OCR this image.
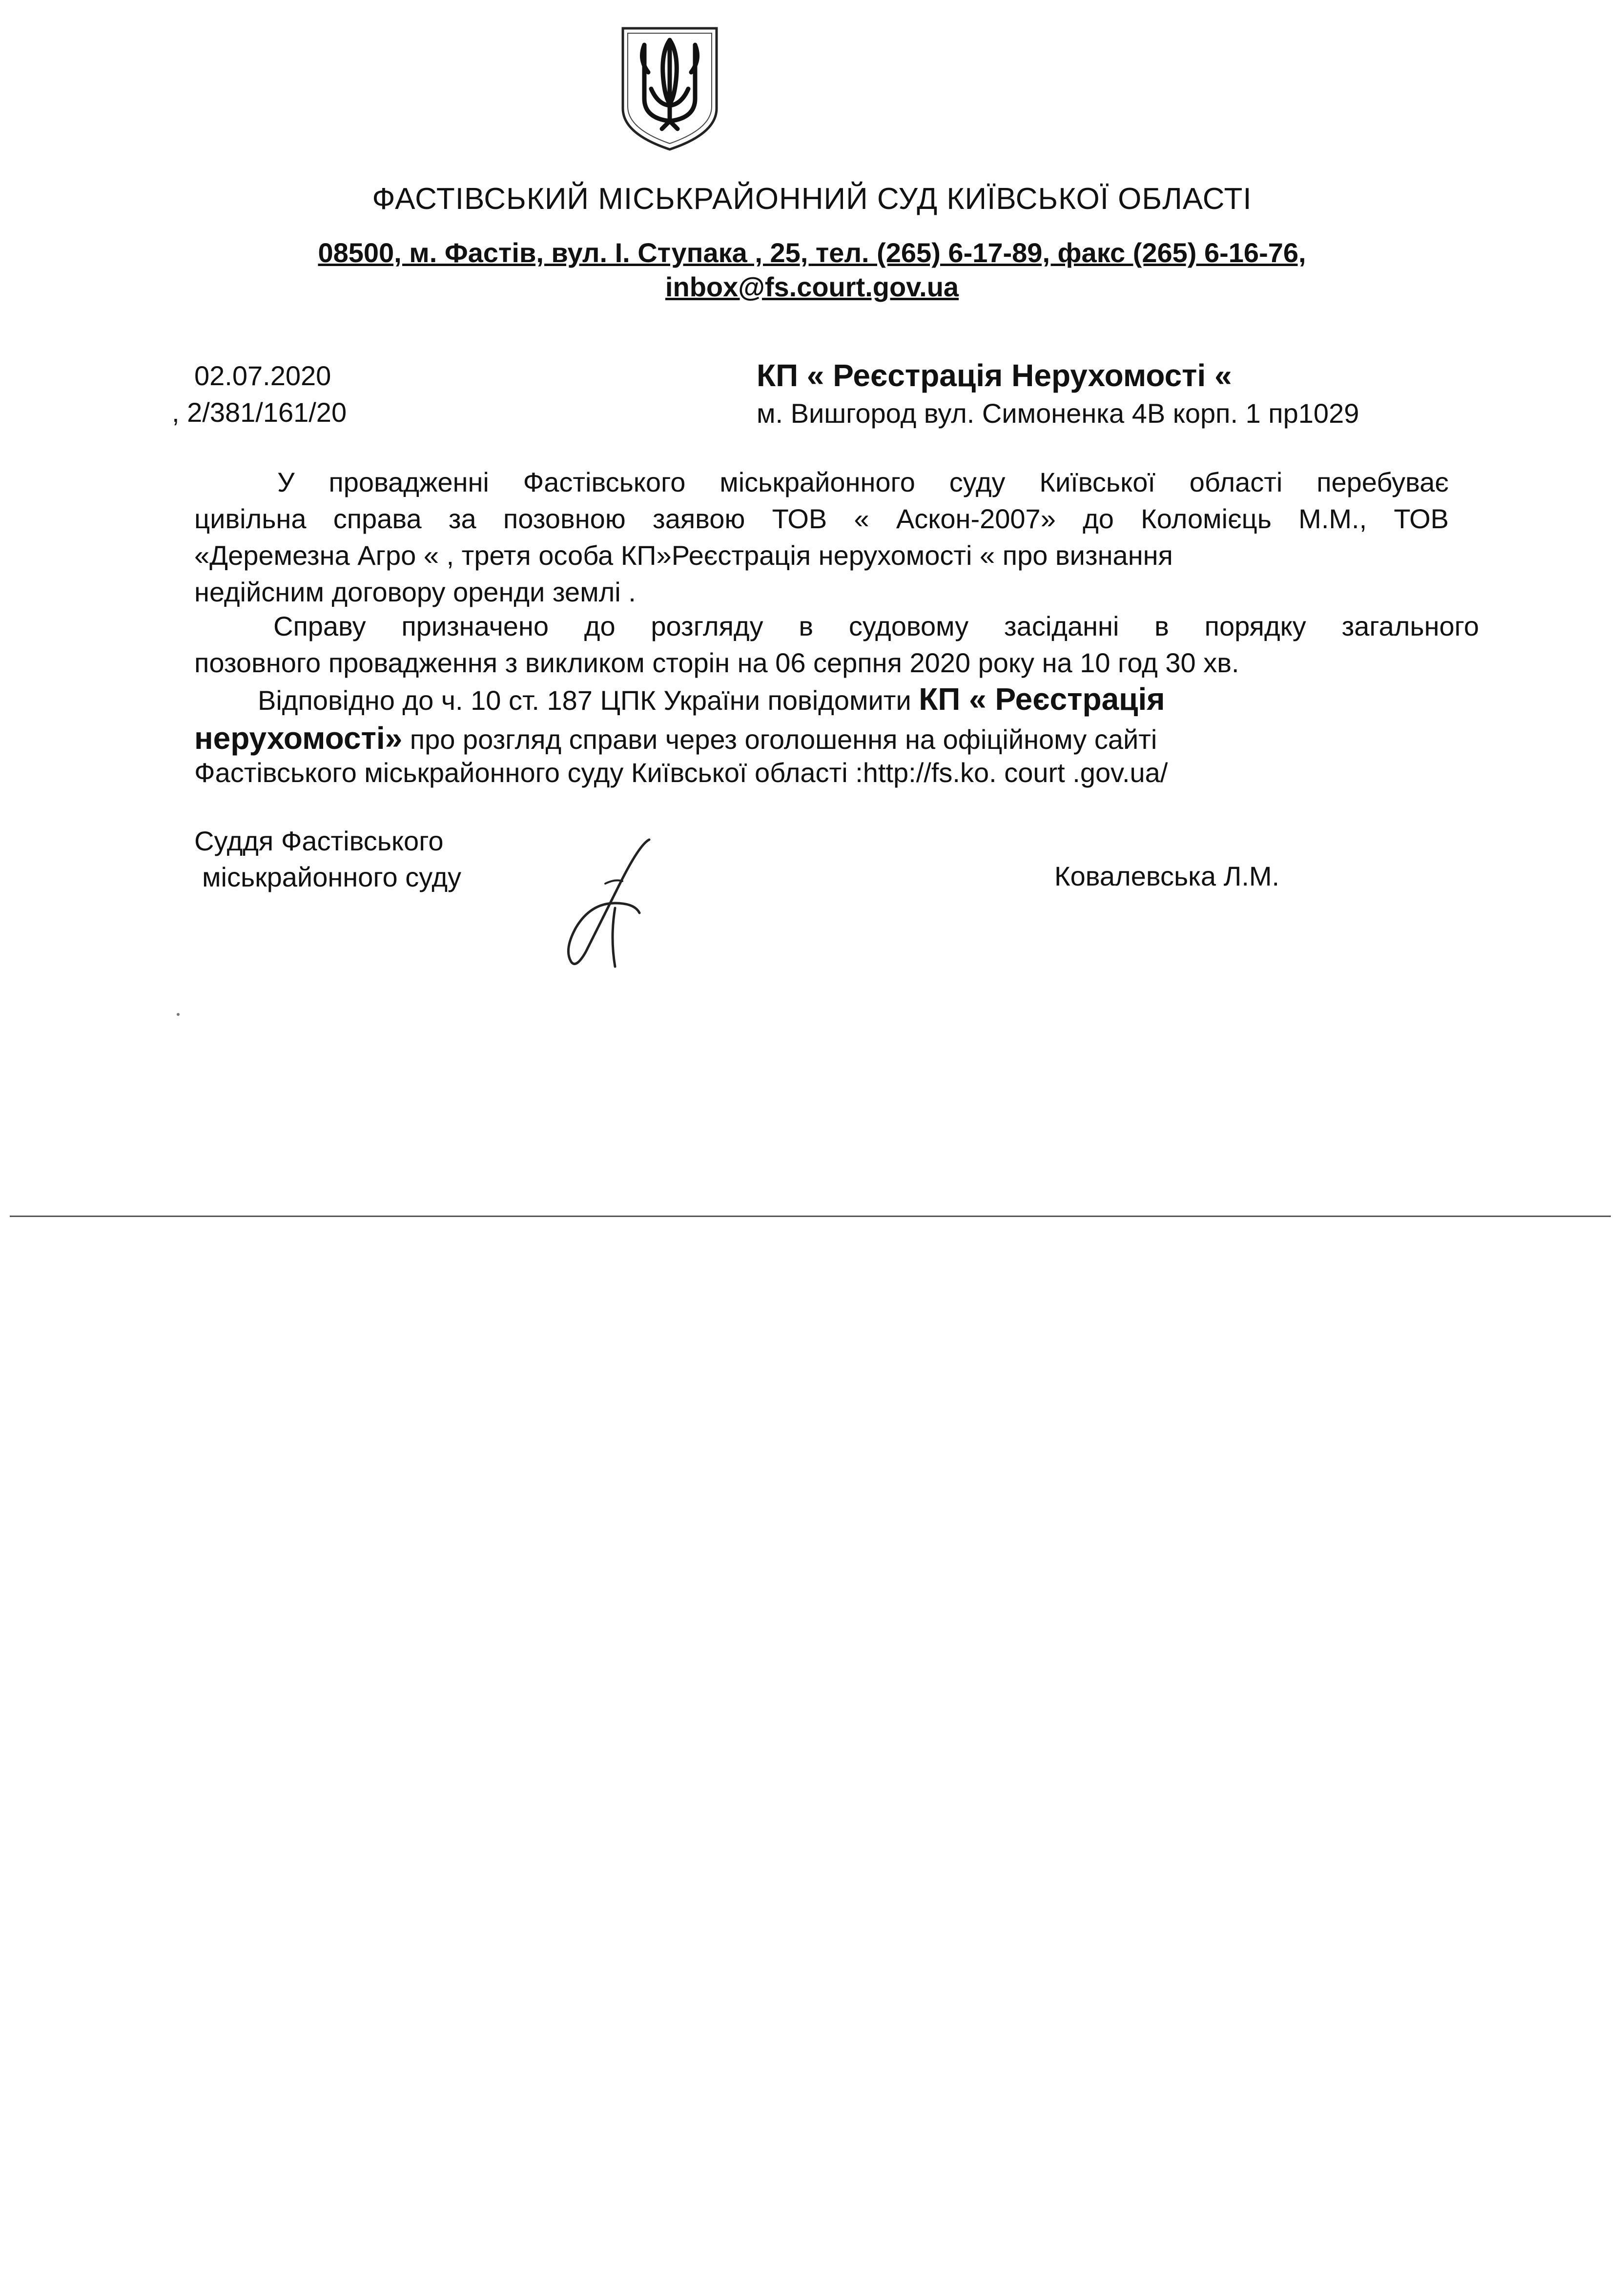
ФАСТІВСЬКИЙ МІСЬКРАЙОННИЙ СУД КИЇВСЬКОЇ ОБЛАСТІ
08500, м. Фастів, вул. І. Ступака , 25, тел. (265) 6-17-89, факс (265) 6-16-76,
inbox@fs.court.gov.ua
02.07.2020
, 2/381/161/20
КП « Реєстрація Нерухомості «
м. Вишгород вул. Симоненка 4В корп. 1 пр1029
У провадженні Фастівського міськрайонного суду Київської області перебуває
цивільна справа за позовною заявою ТОВ « Аскон-2007» до Коломієць М.М., ТОВ
«Деремезна Агро « , третя особа КП»Реєстрація нерухомості « про визнання
недійсним договору оренди землі .
Справу призначено до розгляду в судовому засіданні в порядку загального
позовного провадження з викликом сторін на 06 серпня 2020 року на 10 год 30 хв.
Відповідно до ч. 10 ст. 187 ЦПК України повідомити КП « Реєстрація
нерухомості» про розгляд справи через оголошення на офіційному сайті
Фастівського міськрайонного суду Київської області :http://fs.ko. court .gov.ua/
Суддя Фастівського
міськрайонного суду	Ковалевська Л.М.
